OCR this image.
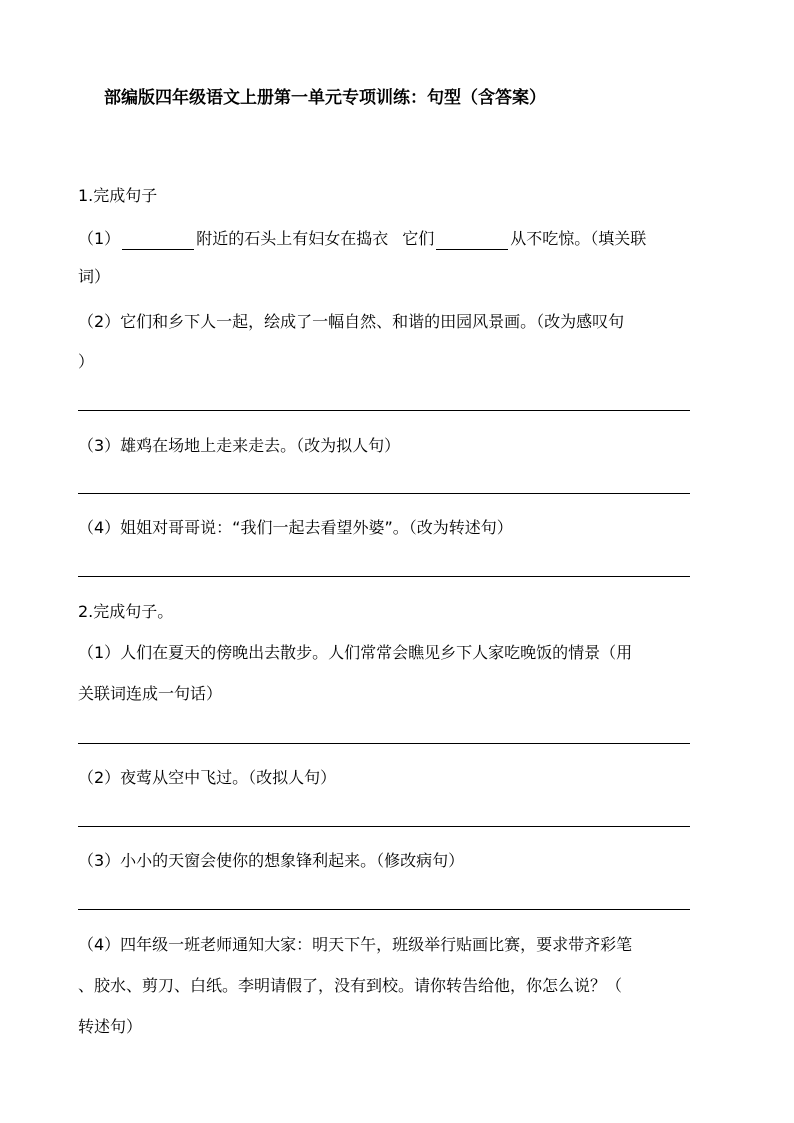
部编版四年级语文上册第一单元专项训练：句型（含答案）
1.完成句子
（1）	附近的石头上有妇女在捣衣 它们	从不吃惊。（填关联
词）
（2）它们和乡下人一起，绘成了一幅自然、和谐的田园风景画。（改为感叹句
）
（3）雄鸡在场地上走来走去。（改为拟人句）
（4）姐姐对哥哥说：“我们一起去看望外婆”。（改为转述句）
2.完成句子。
（1）人们在夏天的傍晚出去散步。人们常常会瞧见乡下人家吃晚饭的情景（用
关联词连成一句话）
（2）夜莺从空中飞过。（改拟人句）
（3）小小的天窗会使你的想象锋利起来。（修改病句）
（4）四年级一班老师通知大家：明天下午，班级举行贴画比赛，要求带齐彩笔
、胶水、剪刀、白纸。李明请假了，没有到校。请你转告给他，你怎么说？（
转述句）
